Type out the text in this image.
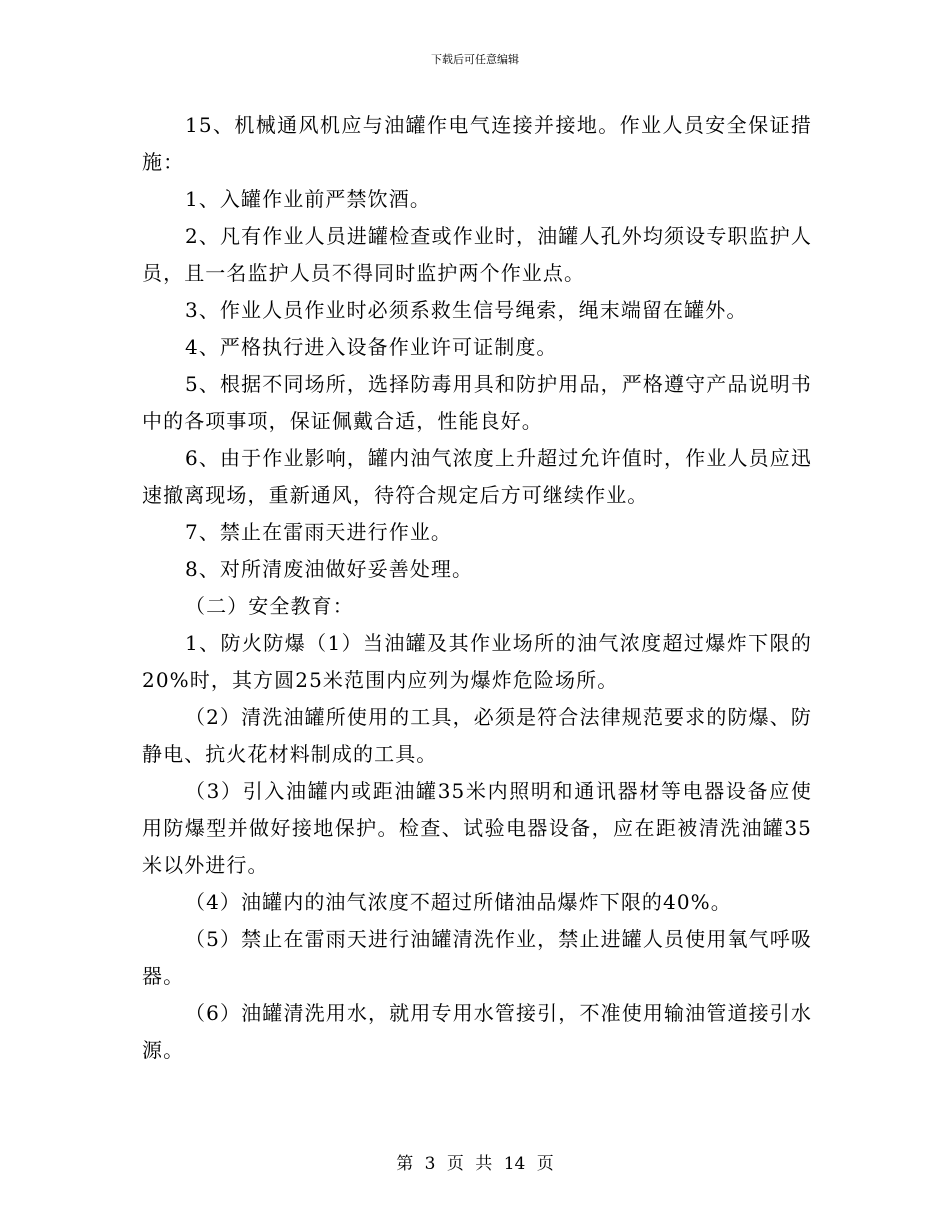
下载后可任意编辑

15、机械通风机应与油罐作电气连接并接地。作业人员安全保证措施：

1、入罐作业前严禁饮酒。

2、凡有作业人员进罐检查或作业时，油罐人孔外均须设专职监护人员，且一名监护人员不得同时监护两个作业点。

3、作业人员作业时必须系救生信号绳索，绳末端留在罐外。

4、严格执行进入设备作业许可证制度。

5、根据不同场所，选择防毒用具和防护用品，严格遵守产品说明书中的各项事项，保证佩戴合适，性能良好。

6、由于作业影响，罐内油气浓度上升超过允许值时，作业人员应迅速撤离现场，重新通风，待符合规定后方可继续作业。

7、禁止在雷雨天进行作业。

8、对所清废油做好妥善处理。

（二）安全教育：

1、防火防爆（1）当油罐及其作业场所的油气浓度超过爆炸下限的20%时，其方圆25米范围内应列为爆炸危险场所。

（2）清洗油罐所使用的工具，必须是符合法律规范要求的防爆、防静电、抗火花材料制成的工具。

（3）引入油罐内或距油罐35米内照明和通讯器材等电器设备应使用防爆型并做好接地保护。检查、试验电器设备，应在距被清洗油罐35米以外进行。

（4）油罐内的油气浓度不超过所储油品爆炸下限的40%。

（5）禁止在雷雨天进行油罐清洗作业，禁止进罐人员使用氧气呼吸器。

（6）油罐清洗用水，就用专用水管接引，不准使用输油管道接引水源。

第 3 页 共 14 页
